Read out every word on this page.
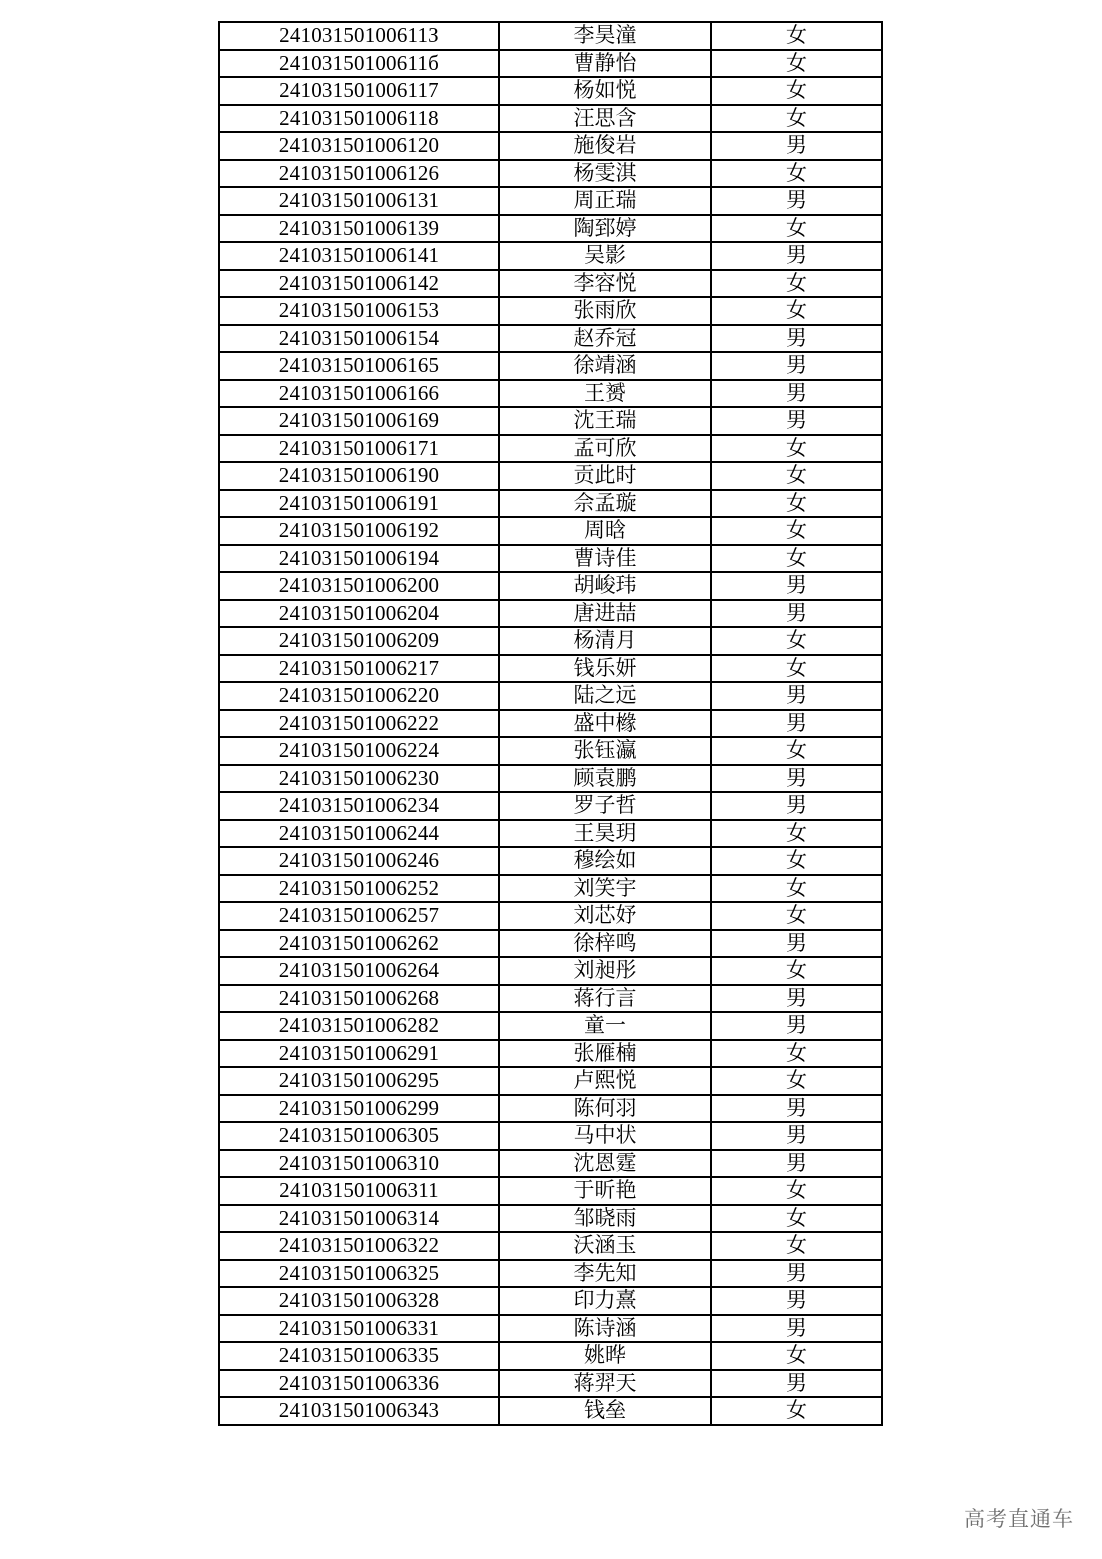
24103150100611З	李昊潼	女
24103150100611б	曹静怡	女
241031501006117	杨如悦	女
241031501006118	汪思含	女
241031501006120	施俊岩	男
241031501006126	杨雯淇	女
241031501006131	周正瑞	男
241031501006139	陶郅婷	女
241031501006141	吴影	男
241031501006142	李容悦	女
241031501006153	张雨欣	女
241031501006154	赵乔冠	男
241031501006165	徐靖涵	男
241031501006166	王赟	男
241031501006169	沈王瑞	男
241031501006171	孟可欣	女
241031501006190	贡此时	女
241031501006191	佘孟璇	女
241031501006192	周晗	女
241031501006194	曹诗佳	女
241031501006200	胡峻玮	男
241031501006204	唐进喆	男
241031501006209	杨清月	女
241031501006217	钱乐妍	女
241031501006220	陆之远	男
241031501006222	盛中橼	男
241031501006224	张钰瀛	女
241031501006230	顾袁鹏	男
241031501006234	罗子哲	男
241031501006244	王昊玥	女
241031501006246	穆绘如	女
241031501006252	刘笑宇	女
241031501006257	刘芯妤	女
241031501006262	徐梓鸣	男
241031501006264	刘昶彤	女
241031501006268	蒋行言	男
241031501006282	童一	男
241031501006291	张雁楠	女
241031501006295	卢熙悦	女
241031501006299	陈何羽	男
241031501006305	马中状	男
241031501006310	沈恩霆	男
241031501006311	于昕艳	女
241031501006314	邹晓雨	女
241031501006322	沃涵玉	女
241031501006325	李先知	男
241031501006328	印力熹	男
241031501006331	陈诗涵	男
241031501006335	姚晔	女
241031501006336	蒋羿天	男
241031501006343	钱垒	女
高考直通车
